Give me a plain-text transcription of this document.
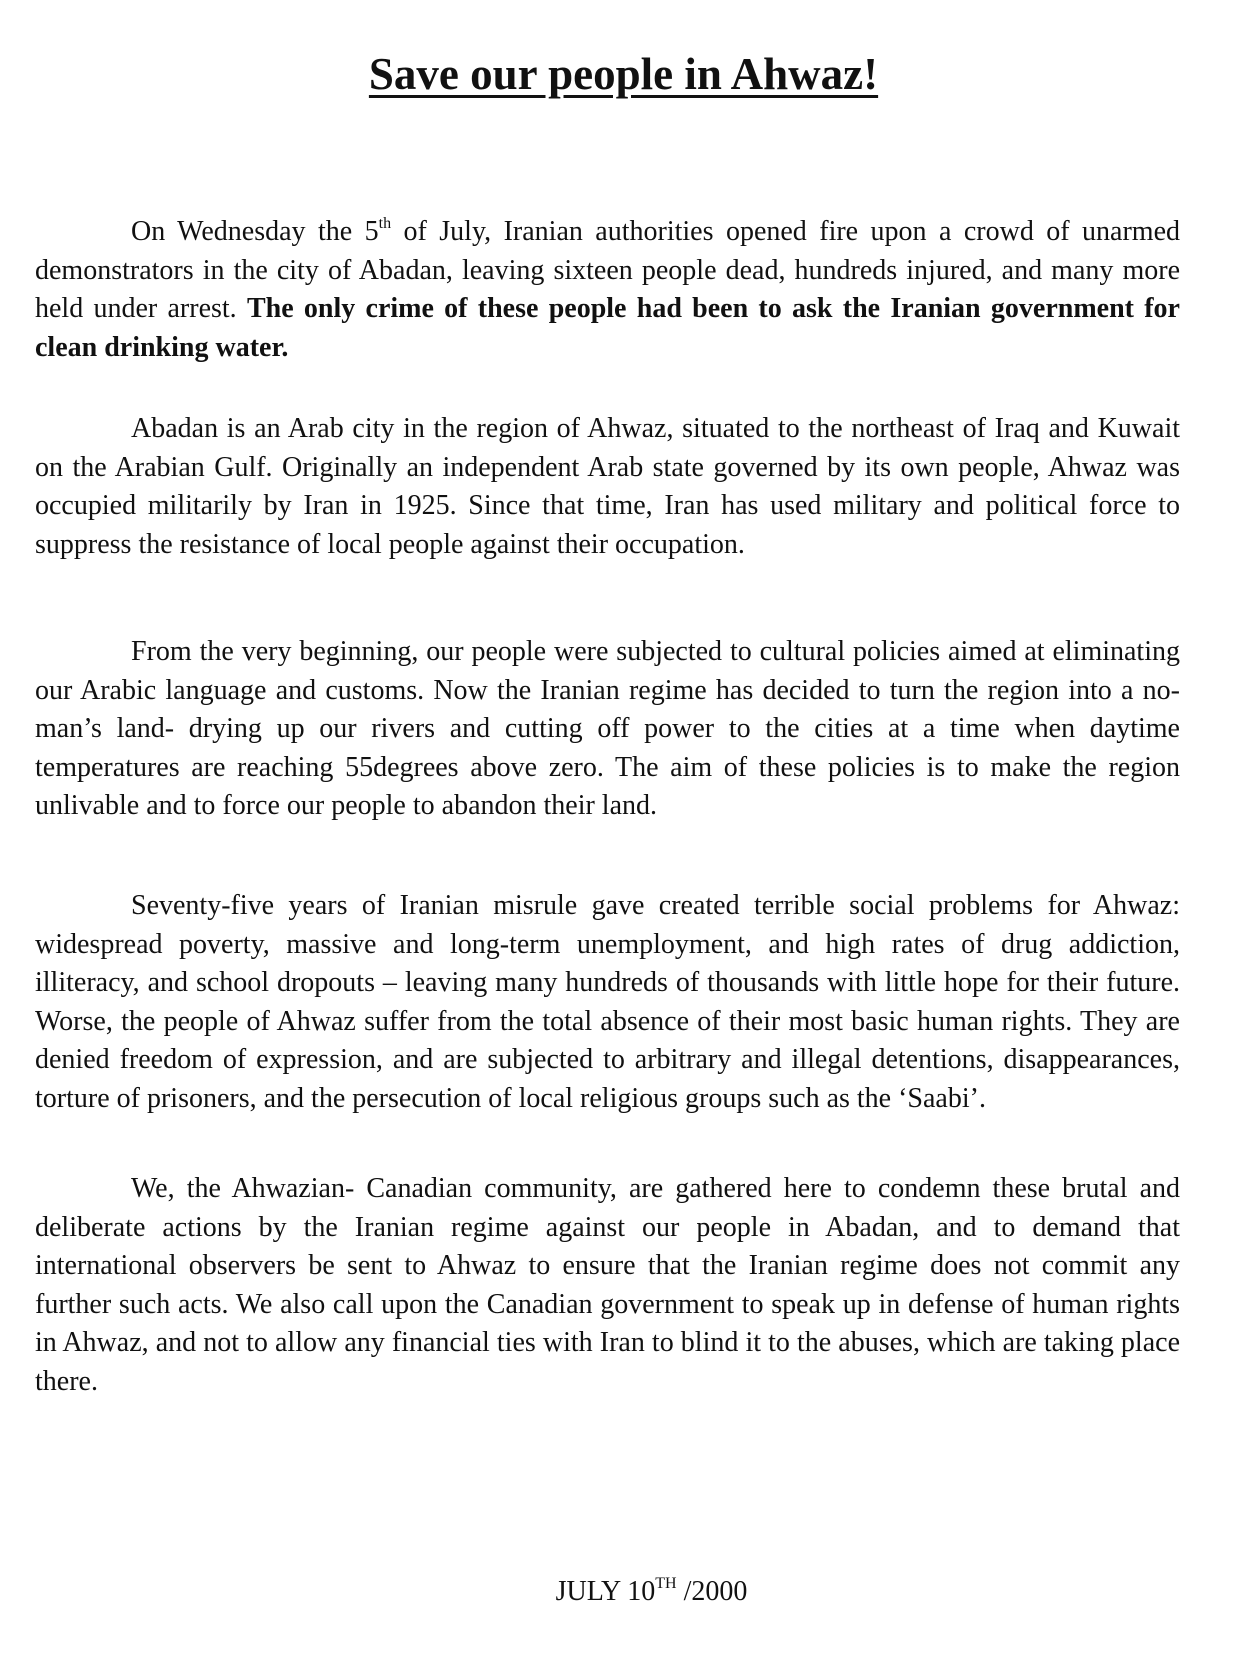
Save our people in Ahwaz!

On Wednesday the 5th of July, Iranian authorities opened fire upon a crowd of unarmed demonstrators in the city of Abadan, leaving sixteen people dead, hundreds injured, and many more held under arrest. The only crime of these people had been to ask the Iranian government for clean drinking water.

Abadan is an Arab city in the region of Ahwaz, situated to the northeast of Iraq and Kuwait on the Arabian Gulf. Originally an independent Arab state governed by its own people, Ahwaz was occupied militarily by Iran in 1925. Since that time, Iran has used military and political force to suppress the resistance of local people against their occupation.

From the very beginning, our people were subjected to cultural policies aimed at eliminating our Arabic language and customs. Now the Iranian regime has decided to turn the region into a no-man’s land- drying up our rivers and cutting off power to the cities at a time when daytime temperatures are reaching 55degrees above zero. The aim of these policies is to make the region unlivable and to force our people to abandon their land.

Seventy-five years of Iranian misrule gave created terrible social problems for Ahwaz: widespread poverty, massive and long-term unemployment, and high rates of drug addiction, illiteracy, and school dropouts – leaving many hundreds of thousands with little hope for their future. Worse, the people of Ahwaz suffer from the total absence of their most basic human rights. They are denied freedom of expression, and are subjected to arbitrary and illegal detentions, disappearances, torture of prisoners, and the persecution of local religious groups such as the ‘Saabi’.

We, the Ahwazian- Canadian community, are gathered here to condemn these brutal and deliberate actions by the Iranian regime against our people in Abadan, and to demand that international observers be sent to Ahwaz to ensure that the Iranian regime does not commit any further such acts. We also call upon the Canadian government to speak up in defense of human rights in Ahwaz, and not to allow any financial ties with Iran to blind it to the abuses, which are taking place there.

JULY 10TH /2000
